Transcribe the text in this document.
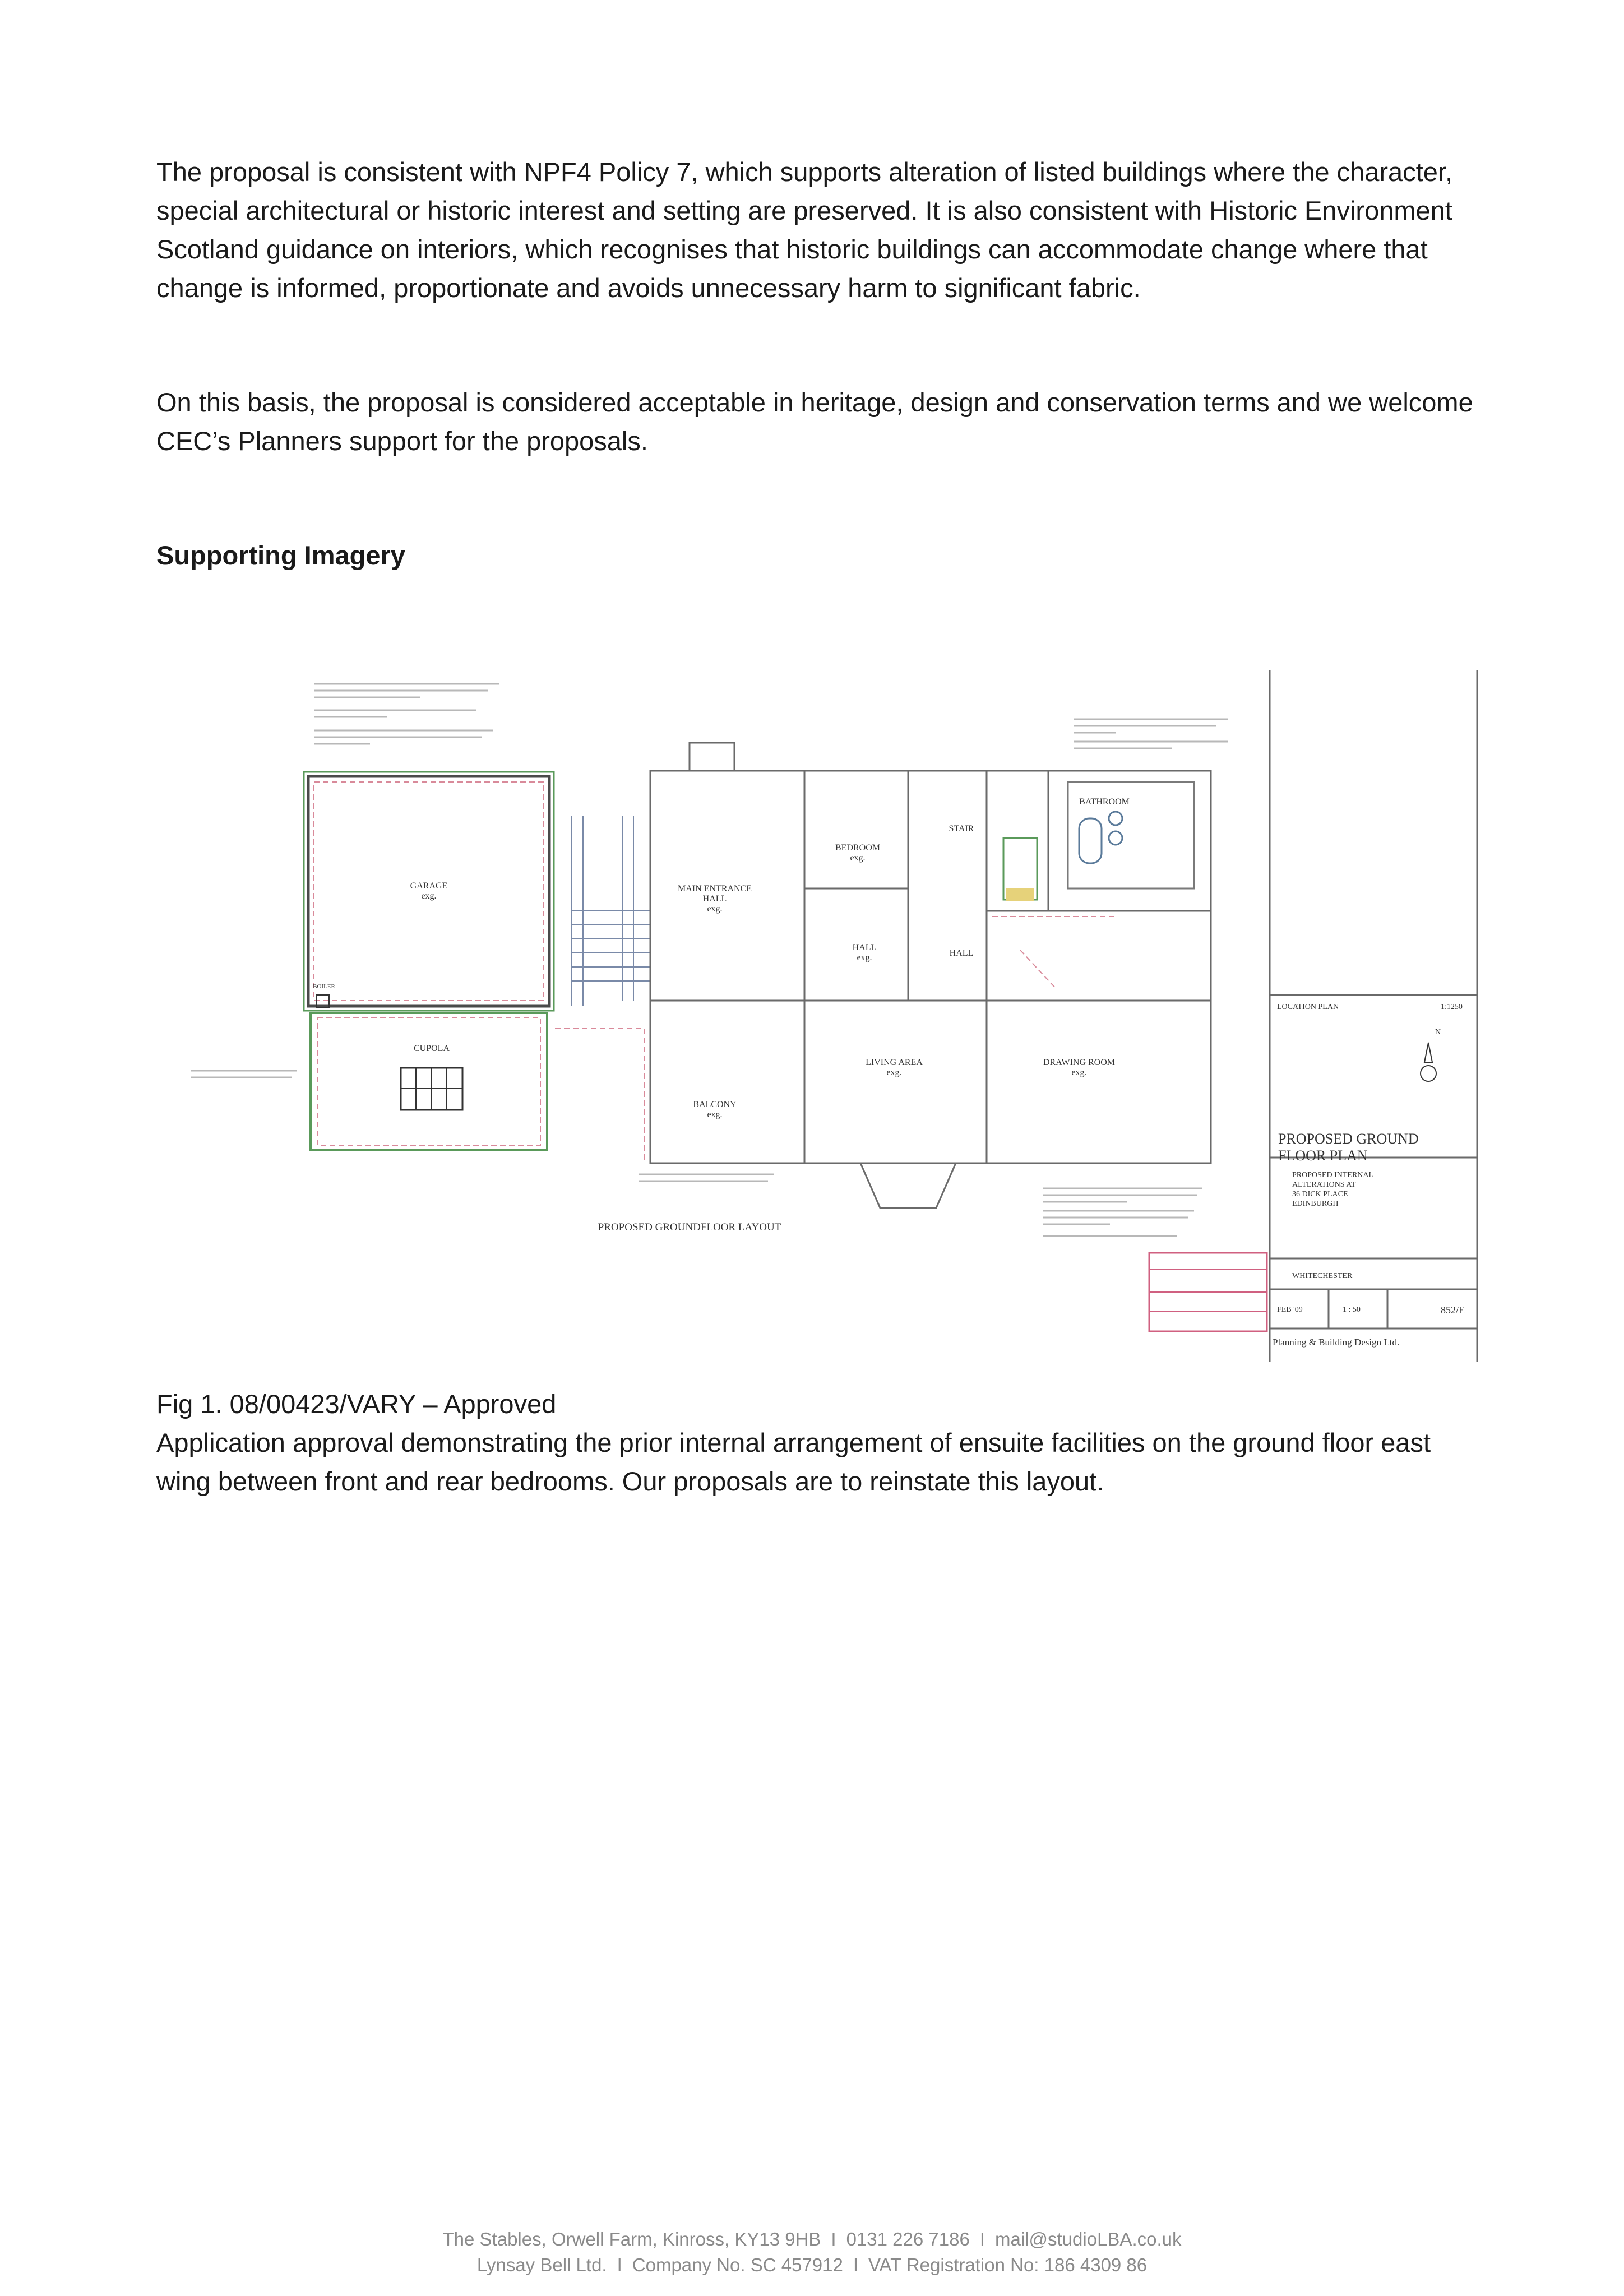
The proposal is consistent with NPF4 Policy 7, which supports alteration of listed buildings where the character, special architectural or historic interest and setting are preserved. It is also consistent with Historic Environment Scotland guidance on interiors, which recognises that historic buildings can accommodate change where that change is informed, proportionate and avoids unnecessary harm to significant fabric.

On this basis, the proposal is considered acceptable in heritage, design and conservation terms and we welcome CEC’s Planners support for the proposals.

Supporting Imagery
GARAGE
exg.
CUPOLA
BOILER
MAIN ENTRANCE
HALL
exg.
BEDROOM
exg.
STAIR
BATHROOM
HALL
exg.	HALL
LIVING AREA
exg.
DRAWING ROOM
exg.
BALCONY
exg.
PROPOSED GROUNDFLOOR LAYOUT
LOCATION PLAN	1:1250
N
PROPOSED GROUND
FLOOR PLAN
PROPOSED INTERNAL
ALTERATIONS AT
36 DICK PLACE
EDINBURGH
WHITECHESTER
FEB '09	1 : 50	852/E
Planning & Building Design Ltd.
Fig 1. 08/00423/VARY – Approved
Application approval demonstrating the prior internal arrangement of ensuite facilities on the ground floor east wing between front and rear bedrooms. Our proposals are to reinstate this layout.
The Stables, Orwell Farm, Kinross, KY13 9HB I 0131 226 7186 I mail@studioLBA.co.uk
Lynsay Bell Ltd. I Company No. SC 457912 I VAT Registration No: 186 4309 86
